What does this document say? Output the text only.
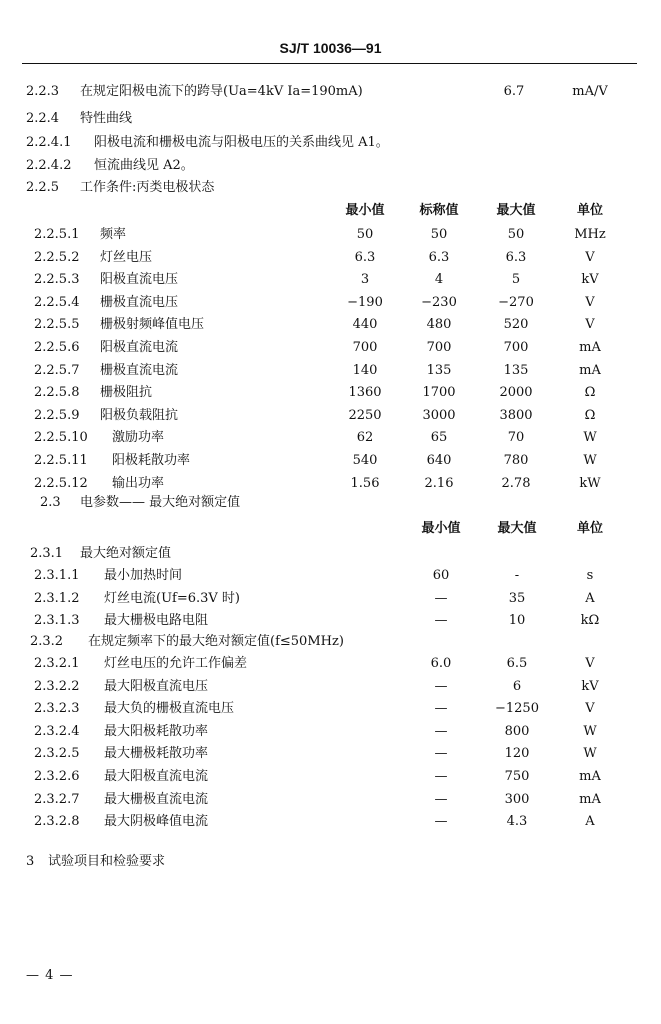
SJ/T 10036—91
2.2.3 在规定阳极电流下的跨导(Ua=4kV Ia=190mA)	6.7	mA/V
2.2.4 特性曲线
2.2.4.1 阳极电流和栅极电流与阳极电压的关系曲线见 A1。
2.2.4.2 恒流曲线见 A2。
2.2.5 工作条件:丙类电极状态
最小值	标称值	最大值	单位
2.2.5.1 频率	50	50	50	MHz
2.2.5.2 灯丝电压	6.3	6.3	6.3	V
2.2.5.3 阳极直流电压	3	4	5	kV
2.2.5.4 栅极直流电压	−190	−230	−270	V
2.2.5.5 栅极射频峰值电压	440	480	520	V
2.2.5.6 阳极直流电流	700	700	700	mA
2.2.5.7 栅极直流电流	140	135	135	mA
2.2.5.8 栅极阻抗	1360	1700	2000	Ω
2.2.5.9 阳极负载阻抗	2250	3000	3800	Ω
2.2.5.10 激励功率	62	65	70	W
2.2.5.11 阳极耗散功率	540	640	780	W
2.2.5.12 输出功率	1.56	2.16	2.78	kW
2.3 电参数—— 最大绝对额定值
最小值	最大值	单位
2.3.1 最大绝对额定值
2.3.1.1 最小加热时间	60	-	s
2.3.1.2 灯丝电流(Uf=6.3V 时)	—	35	A
2.3.1.3 最大栅极电路电阻	—	10	kΩ
2.3.2 在规定频率下的最大绝对额定值(f≤50MHz)
2.3.2.1 灯丝电压的允许工作偏差	6.0	6.5	V
2.3.2.2 最大阳极直流电压	—	6	kV
2.3.2.3 最大负的栅极直流电压	—	−1250	V
2.3.2.4 最大阳极耗散功率	—	800	W
2.3.2.5 最大栅极耗散功率	—	120	W
2.3.2.6 最大阳极直流电流	—	750	mA
2.3.2.7 最大栅极直流电流	—	300	mA
2.3.2.8 最大阴极峰值电流	—	4.3	A
3 试验项目和检验要求
— 4 —
